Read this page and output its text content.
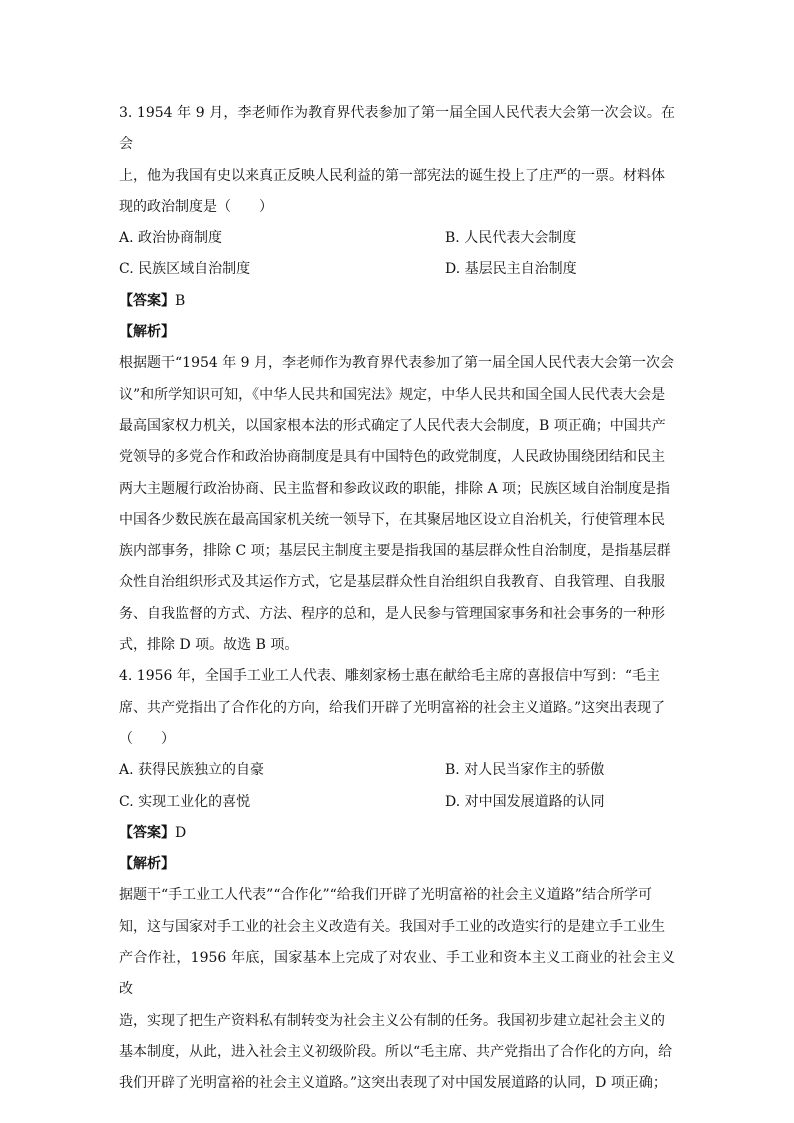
3. 1954 年 9 月，李老师作为教育界代表参加了第一届全国人民代表大会第一次会议。在会

上，他为我国有史以来真正反映人民利益的第一部宪法的诞生投上了庄严的一票。材料体

现的政治制度是（　　）

A. 政治协商制度	B. 人民代表大会制度
C. 民族区域自治制度	D. 基层民主自治制度

【答案】B

【解析】

根据题干“1954 年 9 月，李老师作为教育界代表参加了第一届全国人民代表大会第一次会

议”和所学知识可知，《中华人民共和国宪法》规定，中华人民共和国全国人民代表大会是

最高国家权力机关，以国家根本法的形式确定了人民代表大会制度，B 项正确；中国共产

党领导的多党合作和政治协商制度是具有中国特色的政党制度，人民政协围绕团结和民主

两大主题履行政治协商、民主监督和参政议政的职能，排除 A 项；民族区域自治制度是指

中国各少数民族在最高国家机关统一领导下，在其聚居地区设立自治机关，行使管理本民

族内部事务，排除 C 项；基层民主制度主要是指我国的基层群众性自治制度，是指基层群

众性自治组织形式及其运作方式，它是基层群众性自治组织自我教育、自我管理、自我服

务、自我监督的方式、方法、程序的总和，是人民参与管理国家事务和社会事务的一种形

式，排除 D 项。故选 B 项。

4. 1956 年，全国手工业工人代表、雕刻家杨士惠在献给毛主席的喜报信中写到：“毛主

席、共产党指出了合作化的方向，给我们开辟了光明富裕的社会主义道路。”这突出表现了

（　　）

A. 获得民族独立的自豪	B. 对人民当家作主的骄傲
C. 实现工业化的喜悦	D. 对中国发展道路的认同

【答案】D

【解析】

据题干“手工业工人代表”“合作化”“给我们开辟了光明富裕的社会主义道路”结合所学可

知，这与国家对手工业的社会主义改造有关。我国对手工业的改造实行的是建立手工业生

产合作社，1956 年底，国家基本上完成了对农业、手工业和资本主义工商业的社会主义改

造，实现了把生产资料私有制转变为社会主义公有制的任务。我国初步建立起社会主义的

基本制度，从此，进入社会主义初级阶段。所以“毛主席、共产党指出了合作化的方向，给

我们开辟了光明富裕的社会主义道路。”这突出表现了对中国发展道路的认同，D 项正确；
